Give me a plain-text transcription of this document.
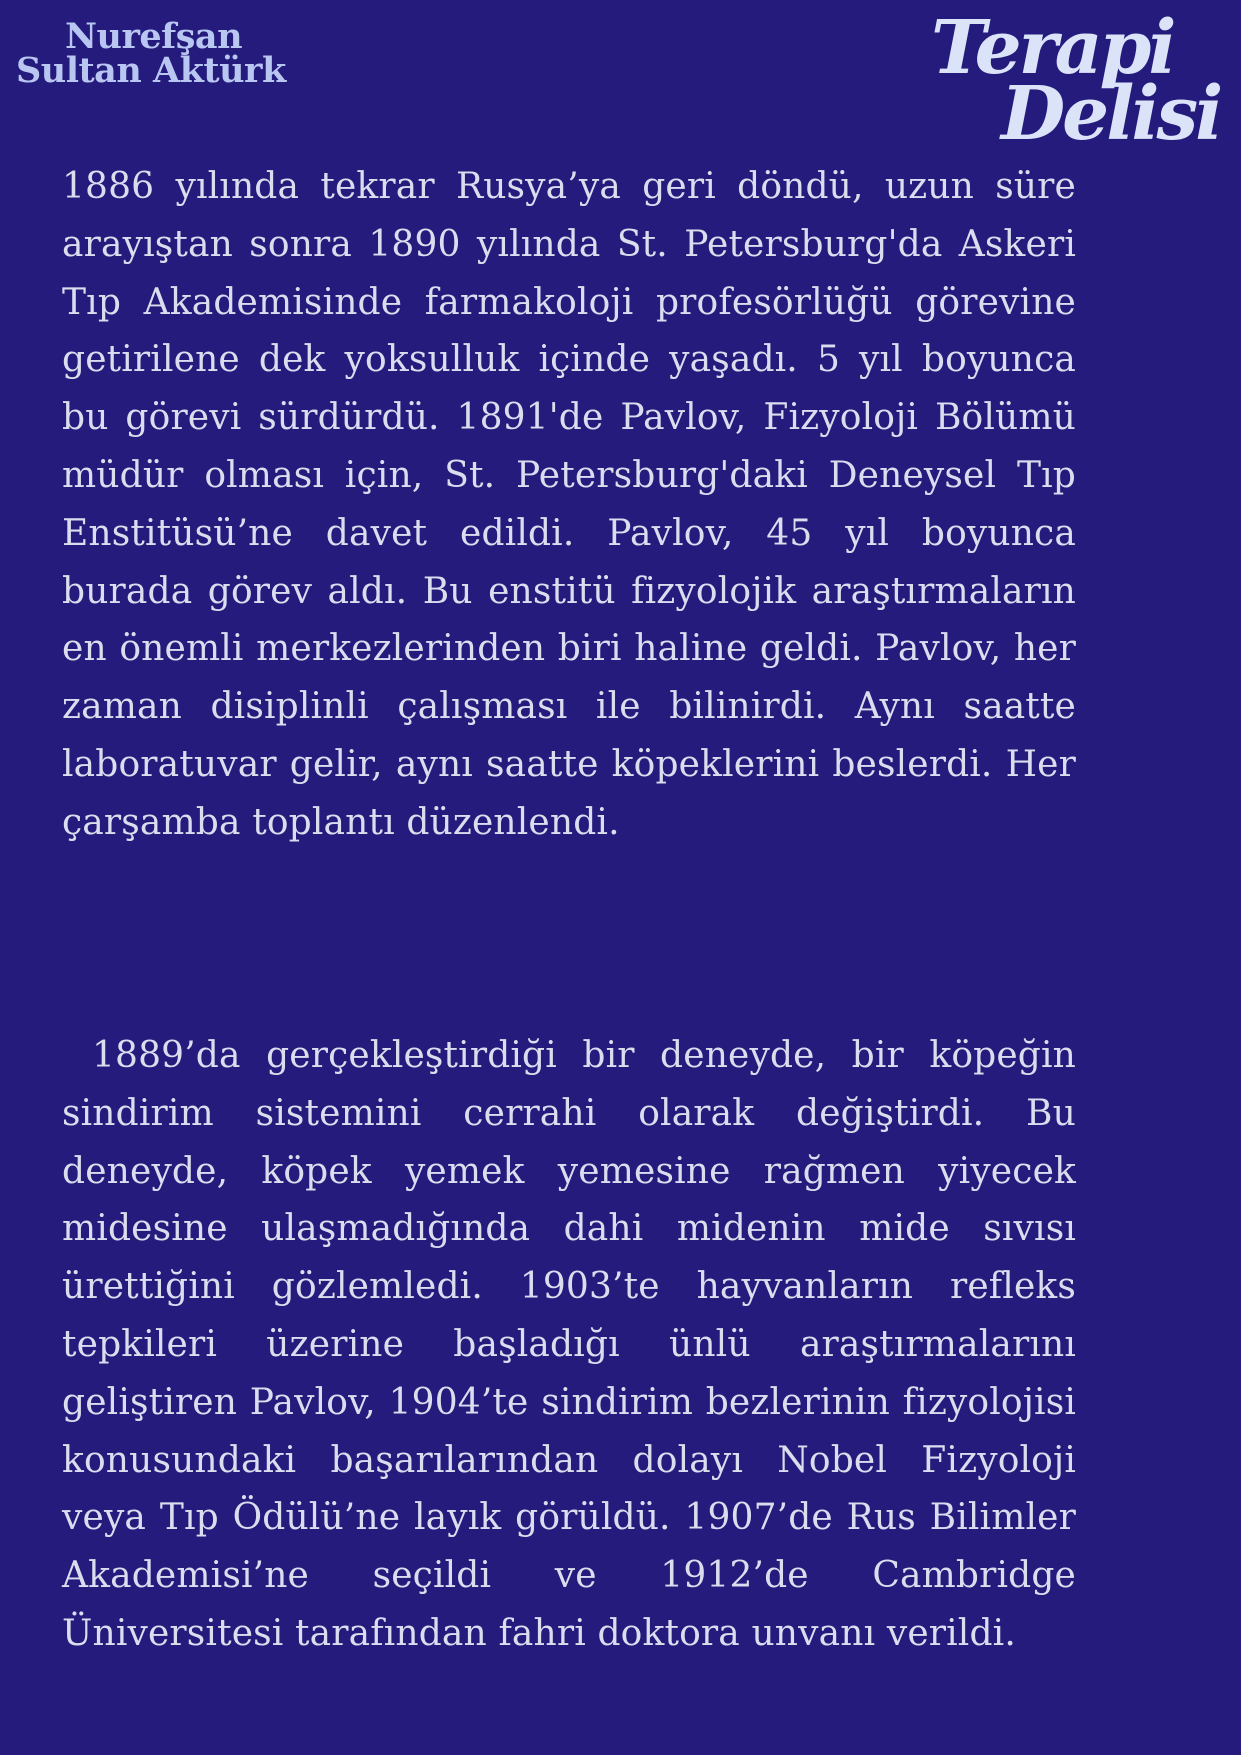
Nurefşan
Sultan Aktürk	Terapi
Delisi

1886 yılında tekrar Rusya’ya geri döndü, uzun süre arayıştan sonra 1890 yılında St. Petersburg'da Askeri Tıp Akademisinde farmakoloji profesörlüğü görevine getirilene dek yoksulluk içinde yaşadı. 5 yıl boyunca bu görevi sürdürdü. 1891'de Pavlov, Fizyoloji Bölümü müdür olması için, St. Petersburg'daki Deneysel Tıp Enstitüsü’ne davet edildi. Pavlov, 45 yıl boyunca burada görev aldı. Bu enstitü fizyolojik araştırmaların en önemli merkezlerinden biri haline geldi. Pavlov, her zaman disiplinli çalışması ile bilinirdi. Aynı saatte laboratuvar gelir, aynı saatte köpeklerini beslerdi. Her çarşamba toplantı düzenlendi.

1889’da gerçekleştirdiği bir deneyde, bir köpeğin sindirim sistemini cerrahi olarak değiştirdi. Bu deneyde, köpek yemek yemesine rağmen yiyecek midesine ulaşmadığında dahi midenin mide sıvısı ürettiğini gözlemledi. 1903’te hayvanların refleks tepkileri üzerine başladığı ünlü araştırmalarını geliştiren Pavlov, 1904’te sindirim bezlerinin fizyolojisi konusundaki başarılarından dolayı Nobel Fizyoloji veya Tıp Ödülü’ne layık görüldü. 1907’de Rus Bilimler Akademisi’ne seçildi ve 1912’de Cambridge Üniversitesi tarafından fahri doktora unvanı verildi.
